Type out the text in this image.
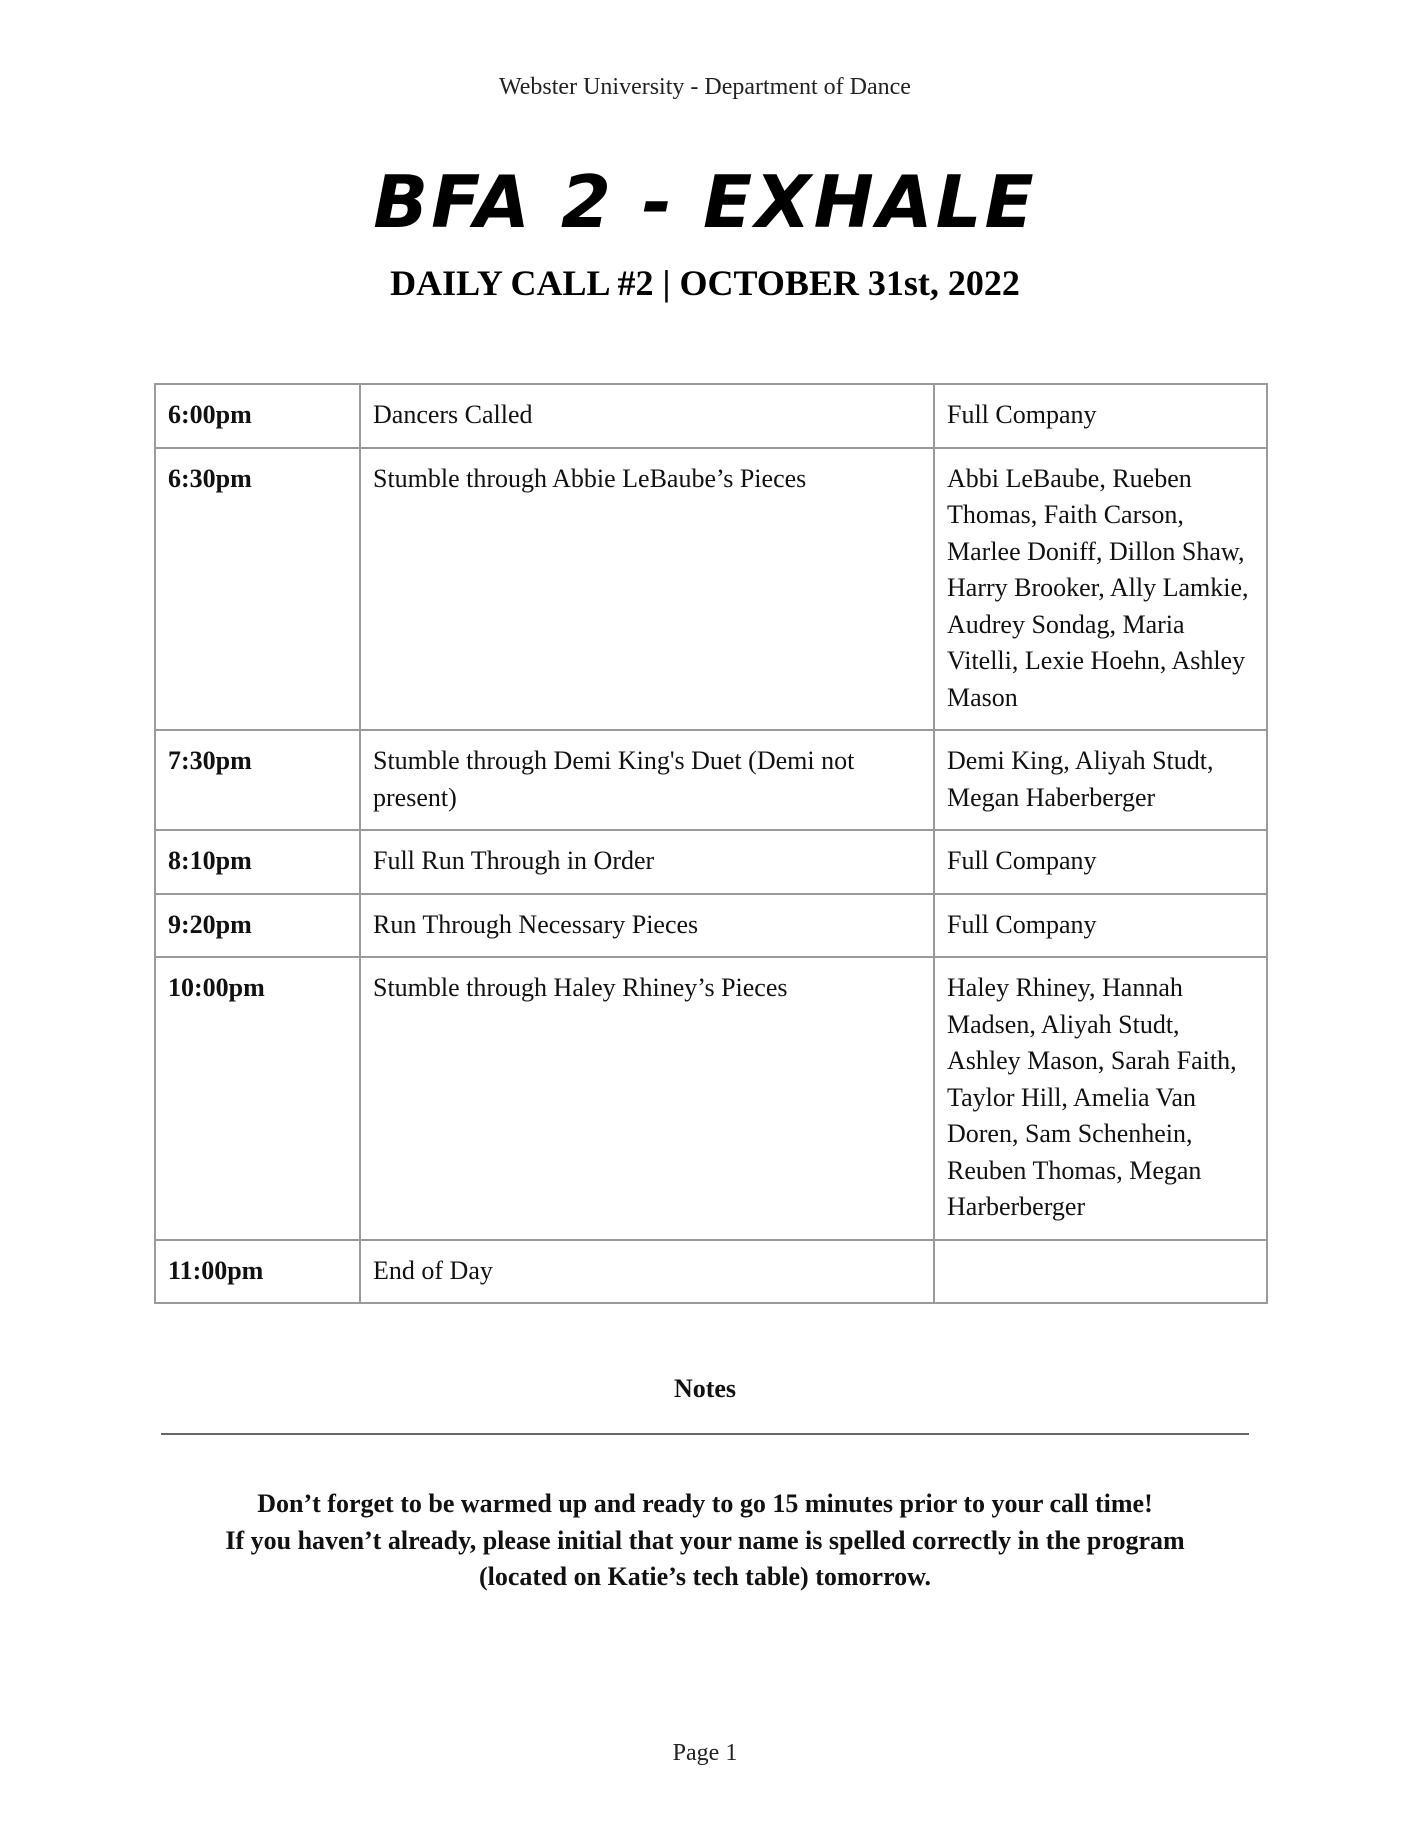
Webster University - Department of Dance
BFA 2 - EXHALE
DAILY CALL #2 | OCTOBER 31st, 2022
6:00pm	Dancers Called	Full Company
6:30pm	Stumble through Abbie LeBaube’s Pieces	Abbi LeBaube, Rueben Thomas, Faith Carson, Marlee Doniff, Dillon Shaw, Harry Brooker, Ally Lamkie, Audrey Sondag, Maria Vitelli, Lexie Hoehn, Ashley Mason
7:30pm	Stumble through Demi King's Duet (Demi not present)	Demi King, Aliyah Studt, Megan Haberberger
8:10pm	Full Run Through in Order	Full Company
9:20pm	Run Through Necessary Pieces	Full Company
10:00pm	Stumble through Haley Rhiney’s Pieces	Haley Rhiney, Hannah Madsen, Aliyah Studt, Ashley Mason, Sarah Faith, Taylor Hill, Amelia Van Doren, Sam Schenhein, Reuben Thomas, Megan Harberberger
11:00pm	End of Day	
Notes
Don’t forget to be warmed up and ready to go 15 minutes prior to your call time!
If you haven’t already, please initial that your name is spelled correctly in the program
(located on Katie’s tech table) tomorrow.
Page 1
